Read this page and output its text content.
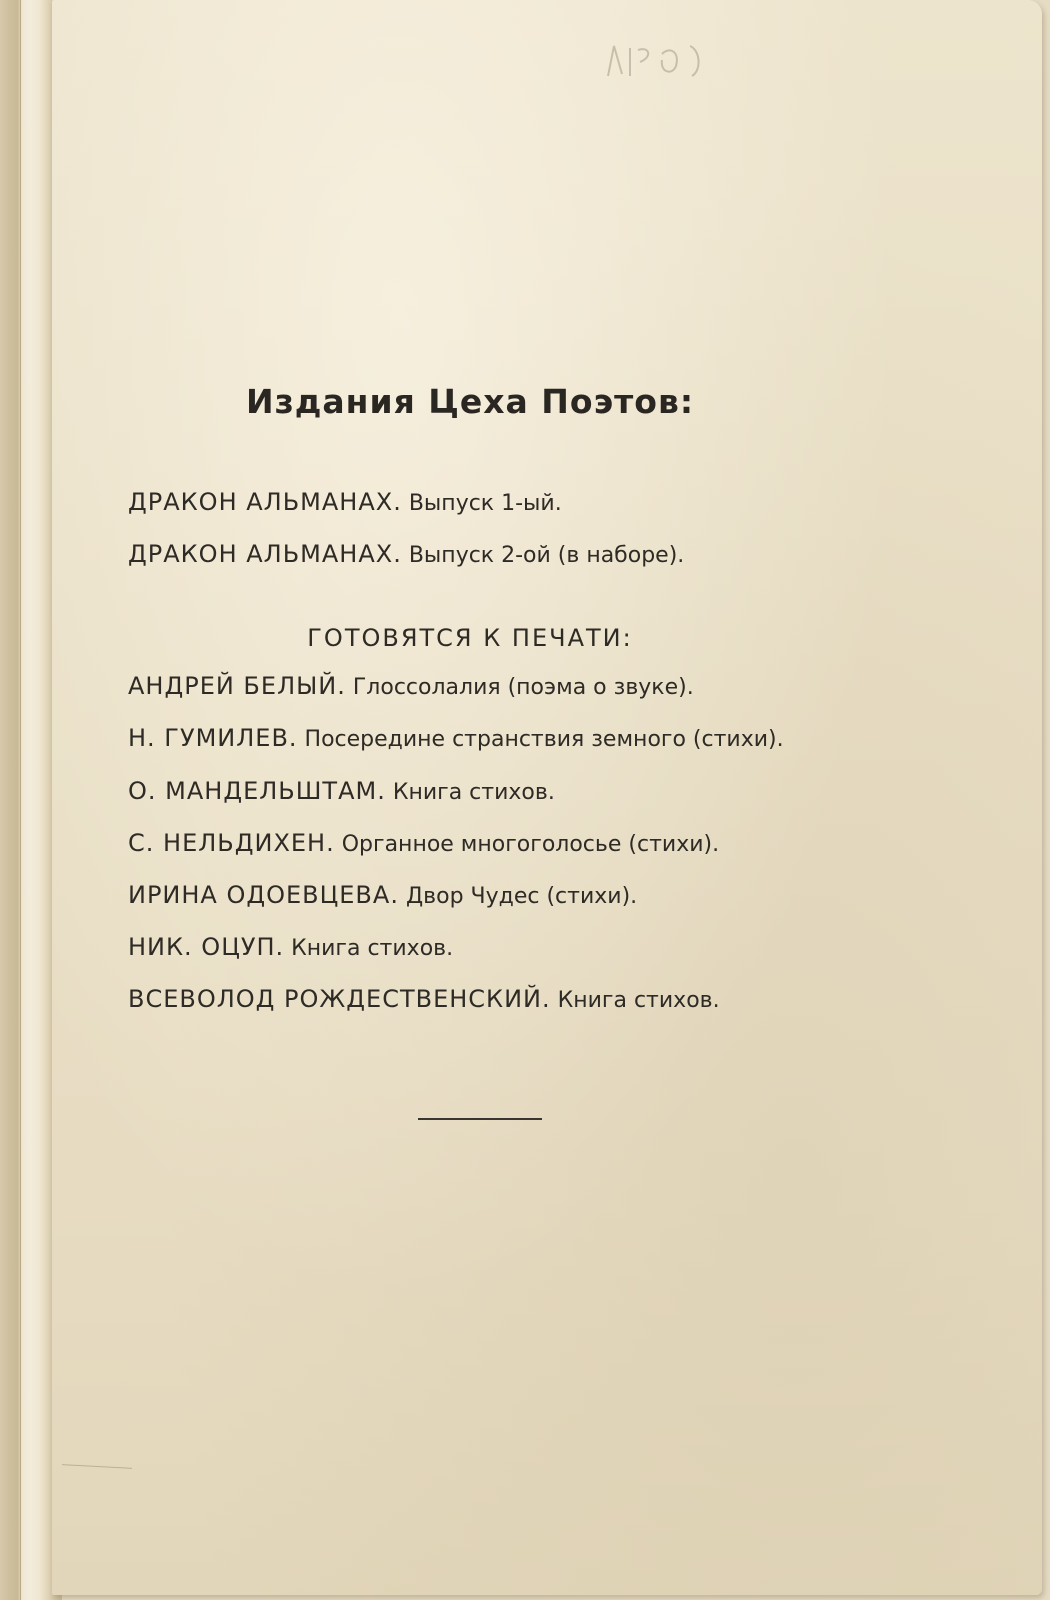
Издания Цеха Поэтов:
ДРАКОН АЛЬМАНАХ. Выпуск 1-ый.
ДРАКОН АЛЬМАНАХ. Выпуск 2-ой (в наборе).
ГОТОВЯТСЯ К ПЕЧАТИ:
АНДРЕЙ БЕЛЫЙ. Глоссолалия (поэма о звуке).
Н. ГУМИЛЕВ. Посередине странствия земного (стихи).
О. МАНДЕЛЬШТАМ. Книга стихов.
С. НЕЛЬДИХЕН. Органное многоголосье (стихи).
ИРИНА ОДОЕВЦЕВА. Двор Чудес (стихи).
НИК. ОЦУП. Книга стихов.
ВСЕВОЛОД РОЖДЕСТВЕНСКИЙ. Книга стихов.
